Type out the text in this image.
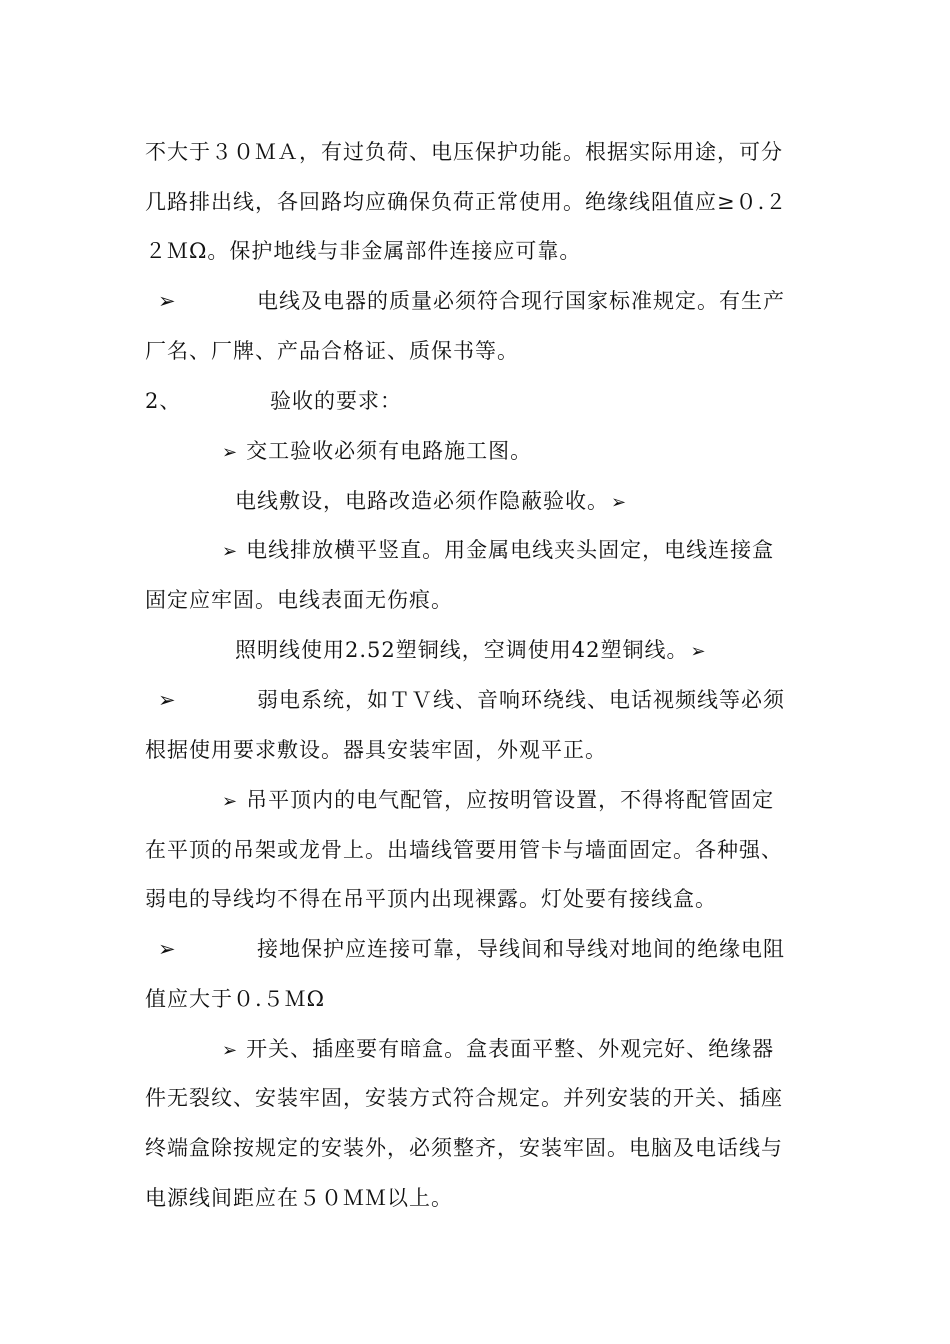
不大于３０ＭＡ，有过负荷、电压保护功能。根据实际用途，可分
几路排出线，各回路均应确保负荷正常使用。绝缘线阻值应≥０.２
２ＭΩ。保护地线与非金属部件连接应可靠。
➢	电线及电器的质量必须符合现行国家标准规定。有生产
厂名、厂牌、产品合格证、质保书等。
2、	验收的要求：
➢ 交工验收必须有电路施工图。
电线敷设，电路改造必须作隐蔽验收。 ➢
➢ 电线排放横平竖直。用金属电线夹头固定，电线连接盒
固定应牢固。电线表面无伤痕。
照明线使用2.52塑铜线，空调使用42塑铜线。 ➢
➢	弱电系统，如ＴＶ线、音响环绕线、电话视频线等必须
根据使用要求敷设。器具安装牢固，外观平正。
➢ 吊平顶内的电气配管，应按明管设置，不得将配管固定
在平顶的吊架或龙骨上。出墙线管要用管卡与墙面固定。各种强、
弱电的导线均不得在吊平顶内出现裸露。灯处要有接线盒。
➢	接地保护应连接可靠，导线间和导线对地间的绝缘电阻
值应大于０.５ＭΩ
➢ 开关、插座要有暗盒。盒表面平整、外观完好、绝缘器
件无裂纹、安装牢固，安装方式符合规定。并列安装的开关、插座
终端盒除按规定的安装外，必须整齐，安装牢固。电脑及电话线与
电源线间距应在５０ＭＭ以上。
